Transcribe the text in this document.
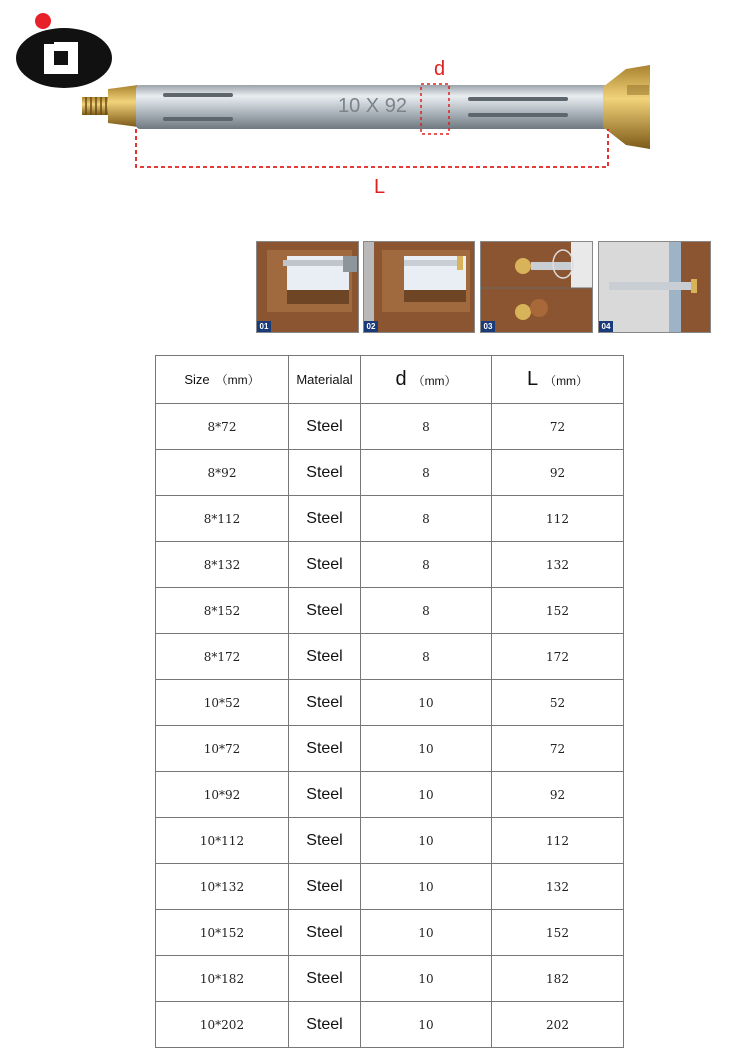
10 X 92
d
L
01	02	03	04
Size （mm）	Materialal	d （mm）	L （mm）
8*72	Steel	8	72
8*92	Steel	8	92
8*112	Steel	8	112
8*132	Steel	8	132
8*152	Steel	8	152
8*172	Steel	8	172
10*52	Steel	10	52
10*72	Steel	10	72
10*92	Steel	10	92
10*112	Steel	10	112
10*132	Steel	10	132
10*152	Steel	10	152
10*182	Steel	10	182
10*202	Steel	10	202
